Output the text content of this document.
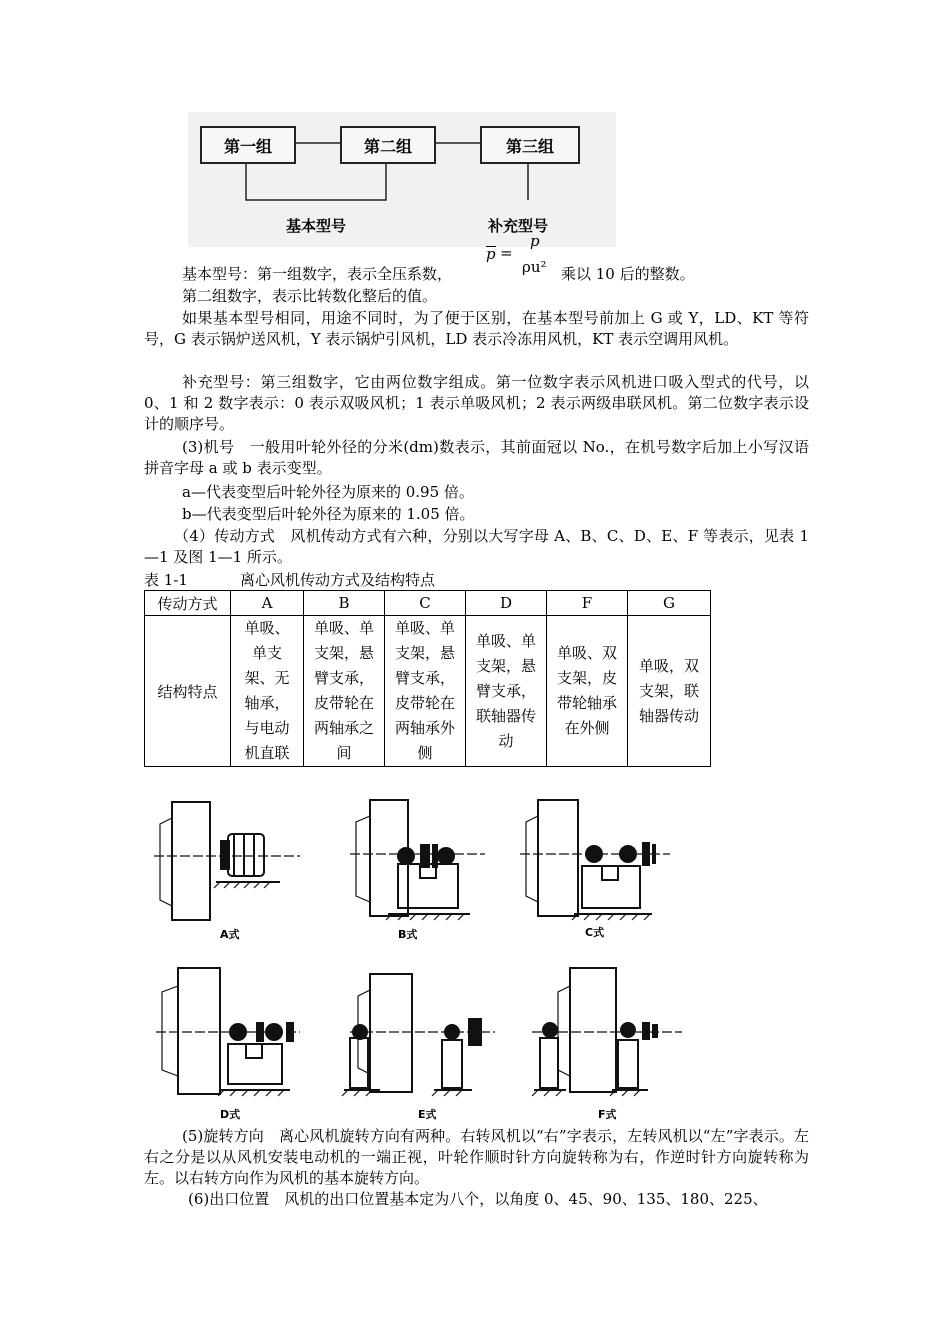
第一组	第二组	第三组
基本型号	补充型号
p =
p
ρu²
基本型号：第一组数字，表示全压系数，	乘以 10 后的整数。
第二组数字，表示比转数化整后的值。
如果基本型号相同，用途不同时，为了便于区别，在基本型号前加上 G 或 Y，LD、KT 等符号，G 表示锅炉送风机，Y 表示锅炉引风机，LD 表示冷冻用风机，KT 表示空调用风机。
补充型号：第三组数字，它由两位数字组成。第一位数字表示风机进口吸入型式的代号，以 0、1 和 2 数字表示：0 表示双吸风机；1 表示单吸风机；2 表示两级串联风机。第二位数字表示设计的顺序号。
(3)机号　一般用叶轮外径的分米(dm)数表示，其前面冠以 No.，在机号数字后加上小写汉语拼音字母 a 或 b 表示变型。
a—代表变型后叶轮外径为原来的 0.95 倍。
b—代表变型后叶轮外径为原来的 1.05 倍。
（4）传动方式　风机传动方式有六种，分别以大写字母 A、B、C、D、E、F 等表示，见表 1—1 及图 1—1 所示。
表 1-1	离心风机传动方式及结构特点
传动方式	A	B	C	D	F	G
结构特点	单吸、单支架、无轴承，与电动机直联	单吸、单支架，悬臂支承，皮带轮在两轴承之间	单吸、单支架，悬臂支承，皮带轮在两轴承外侧	单吸、单支架，悬臂支承，联轴器传动	单吸、双支架，皮带轮轴承在外侧	单吸，双支架，联轴器传动
A式	B式	C式
D式	E式	F式
(5)旋转方向　离心风机旋转方向有两种。右转风机以“右”字表示，左转风机以“左”字表示。左右之分是以从风机安装电动机的一端正视，叶轮作顺时针方向旋转称为右，作逆时针方向旋转称为左。以右转方向作为风机的基本旋转方向。
(6)出口位置　风机的出口位置基本定为八个，以角度 0、45、90、135、180、225、
